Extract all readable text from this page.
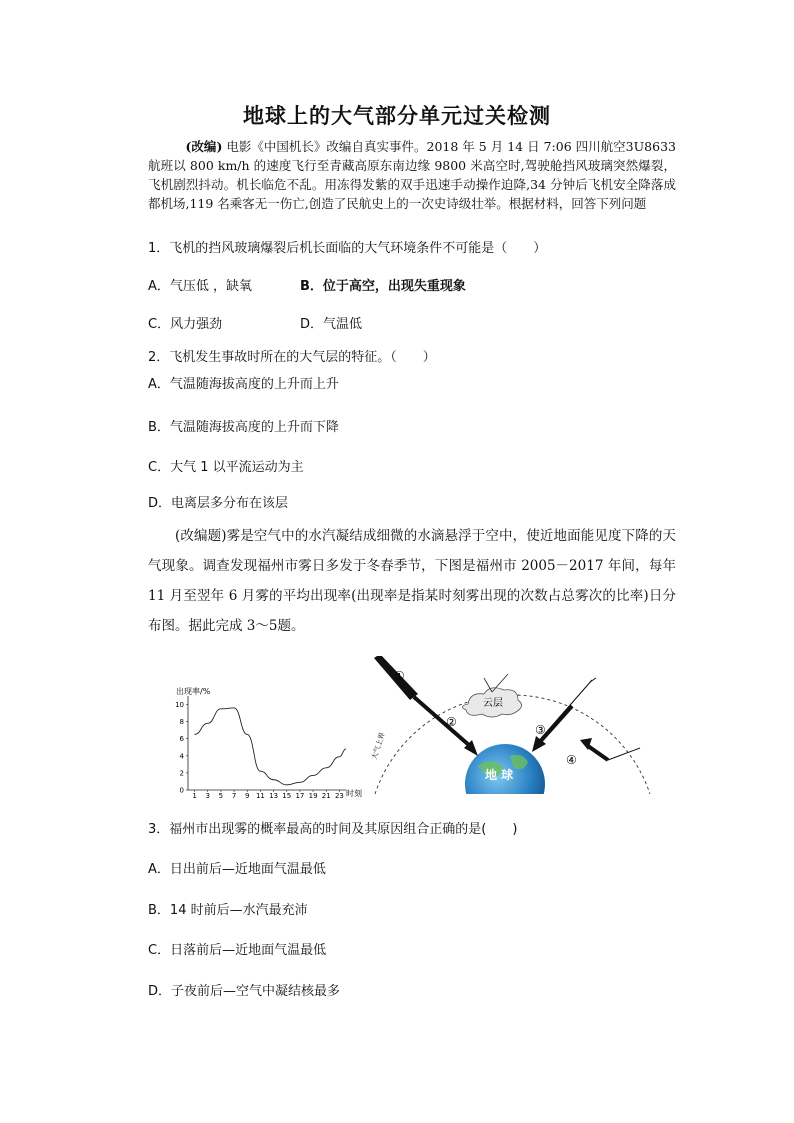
地球上的大气部分单元过关检测
   (改编) 电影《中国机长》改编自真实事件。2018 年 5 月 14 日 7:06 四川航空3U8633 航班以 800 km/h 的速度飞行至青藏高原东南边缘 9800 米高空时,驾驶舱挡风玻璃突然爆裂，飞机剧烈抖动。机长临危不乱。用冻得发紫的双手迅速手动操作迫降,34 分钟后飞机安全降落成都机场,119 名乘客无一伤亡,创造了民航史上的一次史诗级壮举。根据材料，回答下列问题
1．飞机的挡风玻璃爆裂后机长面临的大气环境条件不可能是（　　）
A．气压低 ，缺氧	B．位于高空，出现失重现象
C．风力强劲	D．气温低
2．飞机发生事故时所在的大气层的特征。（　　）
A．气温随海拔高度的上升而上升
B．气温随海拔高度的上升而下降
C．大气 1 以平流运动为主
D．电离层多分布在该层
(改编题)雾是空气中的水汽凝结成细微的水滴悬浮于空中，使近地面能见度下降的天气现象。调查发现福州市雾日多发于冬春季节，下图是福州市 2005－2017 年间，每年11 月至翌年 6 月雾的平均出现率(出现率是指某时刻雾出现的次数占总雾次的比率)日分布图。据此完成 3～5题。
出现率/%
0
2
4
6
8
10
1 3 5 7 9 11 13 15 17 19 21 23 时刻
地 球
云层
①
②
③
④
大气上界
3．福州市出现雾的概率最高的时间及其原因组合正确的是(　　)
A．日出前后—近地面气温最低
B．14 时前后—水汽最充沛
C．日落前后—近地面气温最低
D．子夜前后—空气中凝结核最多
